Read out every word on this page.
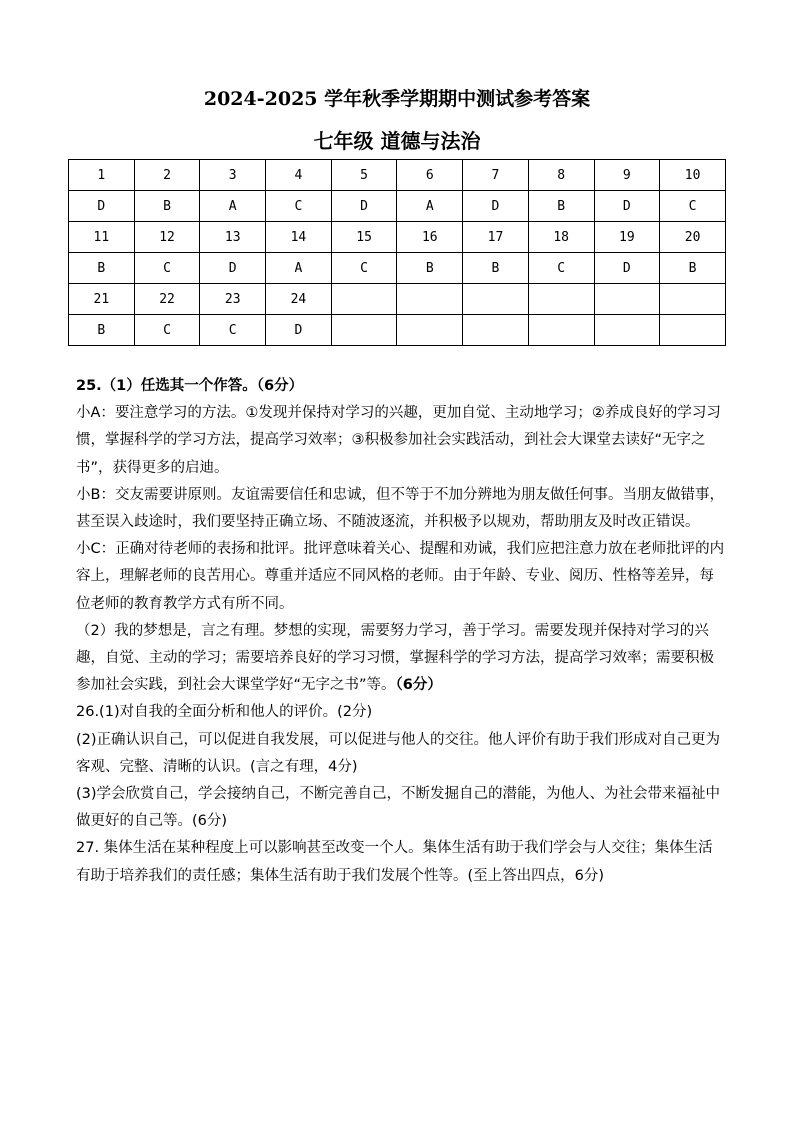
2024-2025 学年秋季学期期中测试参考答案
七年级 道德与法治
1	2	3	4	5	6	7	8	9	10
D	B	A	C	D	A	D	B	D	C
11	12	13	14	15	16	17	18	19	20
B	C	D	A	C	B	B	C	D	B
21	22	23	24						
B	C	C	D						

25.（1）任选其一个作答。（6分）

小A：要注意学习的方法。①发现并保持对学习的兴趣，更加自觉、主动地学习；②养成良好的学习习惯，掌握科学的学习方法，提高学习效率；③积极参加社会实践活动，到社会大课堂去读好“无字之书”，获得更多的启迪。

小B：交友需要讲原则。友谊需要信任和忠诚，但不等于不加分辨地为朋友做任何事。当朋友做错事，甚至误入歧途时，我们要坚持正确立场、不随波逐流，并积极予以规劝，帮助朋友及时改正错误。

小C：正确对待老师的表扬和批评。批评意味着关心、提醒和劝诫，我们应把注意力放在老师批评的内容上，理解老师的良苦用心。尊重并适应不同风格的老师。由于年龄、专业、阅历、性格等差异，每位老师的教育教学方式有所不同。

（2）我的梦想是，言之有理。梦想的实现，需要努力学习，善于学习。需要发现并保持对学习的兴趣，自觉、主动的学习；需要培养良好的学习习惯，掌握科学的学习方法，提高学习效率；需要积极参加社会实践，到社会大课堂学好“无字之书”等。（6分）

26.(1)对自我的全面分析和他人的评价。(2分)

(2)正确认识自己，可以促进自我发展，可以促进与他人的交往。他人评价有助于我们形成对自己更为客观、完整、清晰的认识。(言之有理，4分)

(3)学会欣赏自己，学会接纳自己，不断完善自己，不断发掘自己的潜能，为他人、为社会带来福祉中做更好的自己等。(6分)

27. 集体生活在某种程度上可以影响甚至改变一个人。集体生活有助于我们学会与人交往；集体生活有助于培养我们的责任感；集体生活有助于我们发展个性等。(至上答出四点，6分)
